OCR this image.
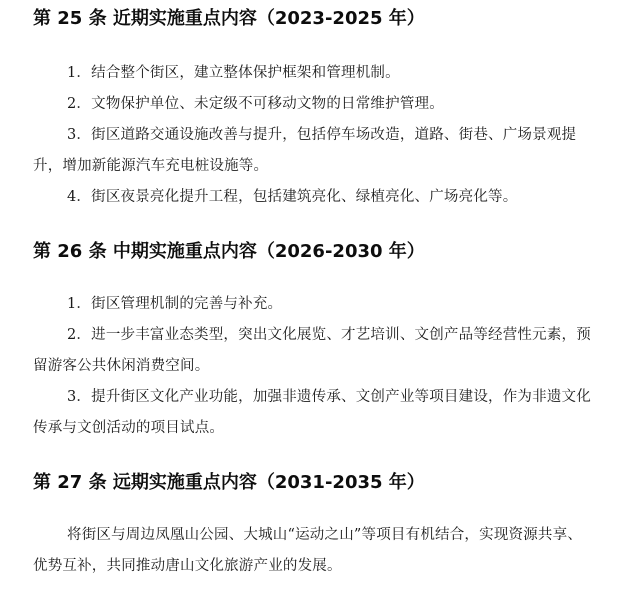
第 25 条 近期实施重点内容（2023-2025 年）

1．结合整个街区，建立整体保护框架和管理机制。

2．文物保护单位、未定级不可移动文物的日常维护管理。

3．街区道路交通设施改善与提升，包括停车场改造，道路、街巷、广场景观提升，增加新能源汽车充电桩设施等。

4．街区夜景亮化提升工程，包括建筑亮化、绿植亮化、广场亮化等。

第 26 条 中期实施重点内容（2026-2030 年）

1．街区管理机制的完善与补充。

2．进一步丰富业态类型，突出文化展览、才艺培训、文创产品等经营性元素，预留游客公共休闲消费空间。

3．提升街区文化产业功能，加强非遗传承、文创产业等项目建设，作为非遗文化传承与文创活动的项目试点。

第 27 条 远期实施重点内容（2031-2035 年）

将街区与周边凤凰山公园、大城山“运动之山”等项目有机结合，实现资源共享、优势互补，共同推动唐山文化旅游产业的发展。
